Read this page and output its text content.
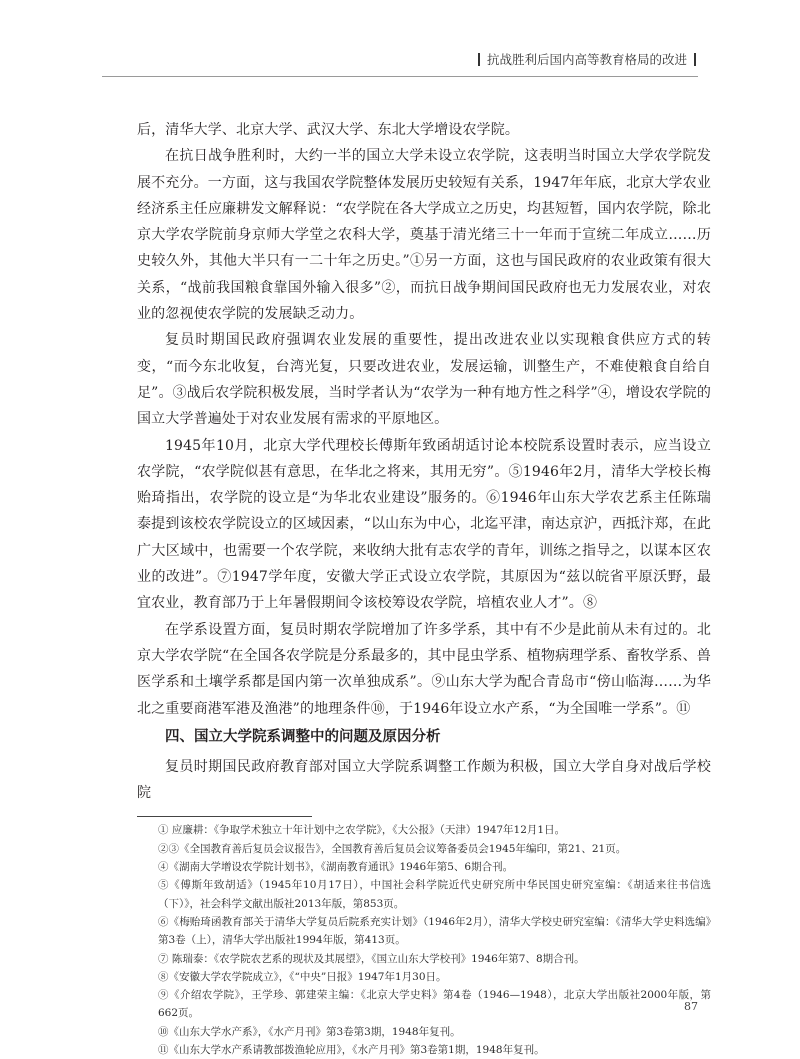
抗战胜利后国内高等教育格局的改进

后，清华大学、北京大学、武汉大学、东北大学增设农学院。

在抗日战争胜利时，大约一半的国立大学未设立农学院，这表明当时国立大学农学院发展不充分。一方面，这与我国农学院整体发展历史较短有关系，1947年年底，北京大学农业经济系主任应廉耕发文解释说：“农学院在各大学成立之历史，均甚短暂，国内农学院，除北京大学农学院前身京师大学堂之农科大学，奠基于清光绪三十一年而于宣统二年成立……历史较久外，其他大半只有一二十年之历史。”①另一方面，这也与国民政府的农业政策有很大关系，“战前我国粮食靠国外输入很多”②，而抗日战争期间国民政府也无力发展农业，对农业的忽视使农学院的发展缺乏动力。

复员时期国民政府强调农业发展的重要性，提出改进农业以实现粮食供应方式的转变，“而今东北收复，台湾光复，只要改进农业，发展运输，训整生产，不难使粮食自给自足”。③战后农学院积极发展，当时学者认为“农学为一种有地方性之科学”④，增设农学院的国立大学普遍处于对农业发展有需求的平原地区。

1945年10月，北京大学代理校长傅斯年致函胡适讨论本校院系设置时表示，应当设立农学院，“农学院似甚有意思，在华北之将来，其用无穷”。⑤1946年2月，清华大学校长梅贻琦指出，农学院的设立是“为华北农业建设”服务的。⑥1946年山东大学农艺系主任陈瑞泰提到该校农学院设立的区域因素，“以山东为中心，北迄平津，南达京沪，西抵汴郑，在此广大区域中，也需要一个农学院，来收纳大批有志农学的青年，训练之指导之，以谋本区农业的改进”。⑦1947学年度，安徽大学正式设立农学院，其原因为“兹以皖省平原沃野，最宜农业，教育部乃于上年暑假期间令该校筹设农学院，培植农业人才”。⑧

在学系设置方面，复员时期农学院增加了许多学系，其中有不少是此前从未有过的。北京大学农学院“在全国各农学院是分系最多的，其中昆虫学系、植物病理学系、畜牧学系、兽医学系和土壤学系都是国内第一次单独成系”。⑨山东大学为配合青岛市“傍山临海……为华北之重要商港军港及渔港”的地理条件⑩，于1946年设立水产系，“为全国唯一学系”。⑪

四、国立大学院系调整中的问题及原因分析

复员时期国民政府教育部对国立大学院系调整工作颇为积极，国立大学自身对战后学校院

① 应廉耕：《争取学术独立十年计划中之农学院》，《大公报》（天津）1947年12月1日。

②③《全国教育善后复员会议报告》，全国教育善后复员会议筹备委员会1945年编印，第21、21页。

④《湖南大学增设农学院计划书》，《湖南教育通讯》1946年第5、6期合刊。

⑤《傅斯年致胡适》（1945年10月17日），中国社会科学院近代史研究所中华民国史研究室编：《胡适来往书信选（下）》，社会科学文献出版社2013年版，第853页。

⑥《梅贻琦函教育部关于清华大学复员后院系充实计划》（1946年2月），清华大学校史研究室编：《清华大学史料选编》第3卷（上），清华大学出版社1994年版，第413页。

⑦ 陈瑞泰：《农学院农艺系的现状及其展望》，《国立山东大学校刊》1946年第7、8期合刊。

⑧《安徽大学农学院成立》，《“中央”日报》1947年1月30日。

⑨《介绍农学院》，王学珍、郭建荣主编：《北京大学史料》第4卷（1946—1948），北京大学出版社2000年版，第662页。

⑩《山东大学水产系》，《水产月刊》第3卷第3期，1948年复刊。

⑪《山东大学水产系请教部拨渔轮应用》，《水产月刊》第3卷第1期，1948年复刊。

87
